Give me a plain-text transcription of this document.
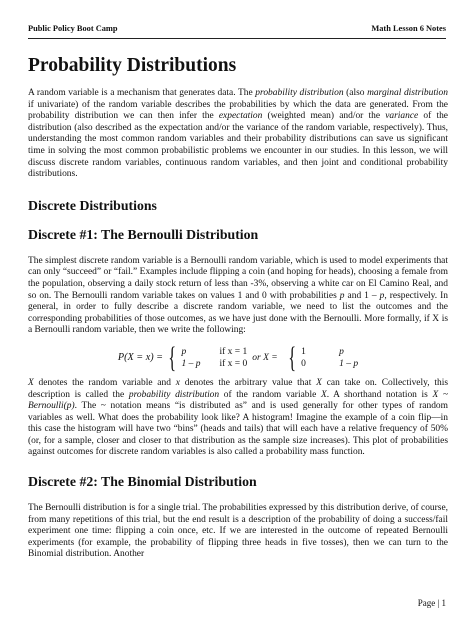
Public Policy Boot Camp	Math Lesson 6 Notes
Probability Distributions

A random variable is a mechanism that generates data. The probability distribution (also marginal distribution if univariate) of the random variable describes the probabilities by which the data are generated. From the probability distribution we can then infer the expectation (weighted mean) and/or the variance of the distribution (also described as the expectation and/or the variance of the random variable, respectively). Thus, understanding the most common random variables and their probability distributions can save us significant time in solving the most common probabilistic problems we encounter in our studies. In this lesson, we will discuss discrete random variables, continuous random variables, and then joint and conditional probability distributions.

Discrete Distributions
Discrete #1: The Bernoulli Distribution

The simplest discrete random variable is a Bernoulli random variable, which is used to model experiments that can only “succeed” or “fail.” Examples include flipping a coin (and hoping for heads), choosing a female from the population, observing a daily stock return of less than -3%, observing a white car on El Camino Real, and so on. The Bernoulli random variable takes on values 1 and 0 with probabilities p and 1 – p, respectively. In general, in order to fully describe a discrete random variable, we need to list the outcomes and the corresponding probabilities of those outcomes, as we have just done with the Bernoulli. More formally, if X is a Bernoulli random variable, then we write the following:

P(X = x) = { p	if x = 1
1 – p	if x = 0
or X = { 1	p
0	1 – p

X denotes the random variable and x denotes the arbitrary value that X can take on. Collectively, this description is called the probability distribution of the random variable X. A shorthand notation is X ~ Bernoulli(p). The ~ notation means “is distributed as” and is used generally for other types of random variables as well. What does the probability look like? A histogram! Imagine the example of a coin flip—in this case the histogram will have two “bins” (heads and tails) that will each have a relative frequency of 50% (or, for a sample, closer and closer to that distribution as the sample size increases). This plot of probabilities against outcomes for discrete random variables is also called a probability mass function.

Discrete #2: The Binomial Distribution

The Bernoulli distribution is for a single trial. The probabilities expressed by this distribution derive, of course, from many repetitions of this trial, but the end result is a description of the probability of doing a success/fail experiment one time: flipping a coin once, etc. If we are interested in the outcome of repeated Bernoulli experiments (for example, the probability of flipping three heads in five tosses), then we can turn to the Binomial distribution. Another

Page | 1
